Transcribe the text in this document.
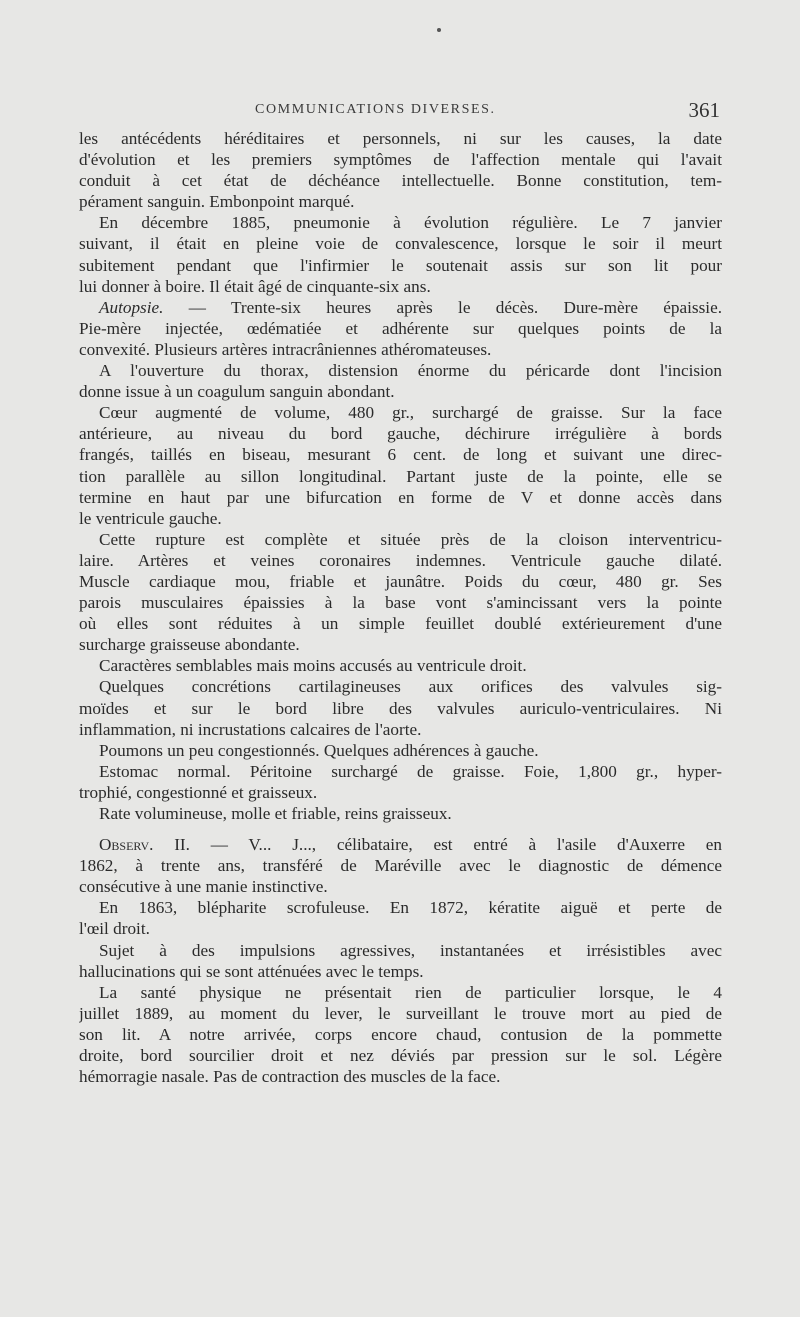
COMMUNICATIONS DIVERSES.	361
les antécédents héréditaires et personnels, ni sur les causes, la date
d'évolution et les premiers symptômes de l'affection mentale qui l'avait
conduit à cet état de déchéance intellectuelle. Bonne constitution, tem-
pérament sanguin. Embonpoint marqué.
En décembre 1885, pneumonie à évolution régulière. Le 7 janvier
suivant, il était en pleine voie de convalescence, lorsque le soir il meurt
subitement pendant que l'infirmier le soutenait assis sur son lit pour
lui donner à boire. Il était âgé de cinquante-six ans.
Autopsie. — Trente-six heures après le décès. Dure-mère épaissie.
Pie-mère injectée, œdématiée et adhérente sur quelques points de la
convexité. Plusieurs artères intracrâniennes athéromateuses.
A l'ouverture du thorax, distension énorme du péricarde dont l'incision
donne issue à un coagulum sanguin abondant.
Cœur augmenté de volume, 480 gr., surchargé de graisse. Sur la face
antérieure, au niveau du bord gauche, déchirure irrégulière à bords
frangés, taillés en biseau, mesurant 6 cent. de long et suivant une direc-
tion parallèle au sillon longitudinal. Partant juste de la pointe, elle se
termine en haut par une bifurcation en forme de V et donne accès dans
le ventricule gauche.
Cette rupture est complète et située près de la cloison interventricu-
laire. Artères et veines coronaires indemnes. Ventricule gauche dilaté.
Muscle cardiaque mou, friable et jaunâtre. Poids du cœur, 480 gr. Ses
parois musculaires épaissies à la base vont s'amincissant vers la pointe
où elles sont réduites à un simple feuillet doublé extérieurement d'une
surcharge graisseuse abondante.
Caractères semblables mais moins accusés au ventricule droit.
Quelques concrétions cartilagineuses aux orifices des valvules sig-
moïdes et sur le bord libre des valvules auriculo-ventriculaires. Ni
inflammation, ni incrustations calcaires de l'aorte.
Poumons un peu congestionnés. Quelques adhérences à gauche.
Estomac normal. Péritoine surchargé de graisse. Foie, 1,800 gr., hyper-
trophié, congestionné et graisseux.
Rate volumineuse, molle et friable, reins graisseux.
Observ. II. — V... J..., célibataire, est entré à l'asile d'Auxerre en
1862, à trente ans, transféré de Maréville avec le diagnostic de démence
consécutive à une manie instinctive.
En 1863, blépharite scrofuleuse. En 1872, kératite aiguë et perte de
l'œil droit.
Sujet à des impulsions agressives, instantanées et irrésistibles avec
hallucinations qui se sont atténuées avec le temps.
La santé physique ne présentait rien de particulier lorsque, le 4
juillet 1889, au moment du lever, le surveillant le trouve mort au pied de
son lit. A notre arrivée, corps encore chaud, contusion de la pommette
droite, bord sourcilier droit et nez déviés par pression sur le sol. Légère
hémorragie nasale. Pas de contraction des muscles de la face.
